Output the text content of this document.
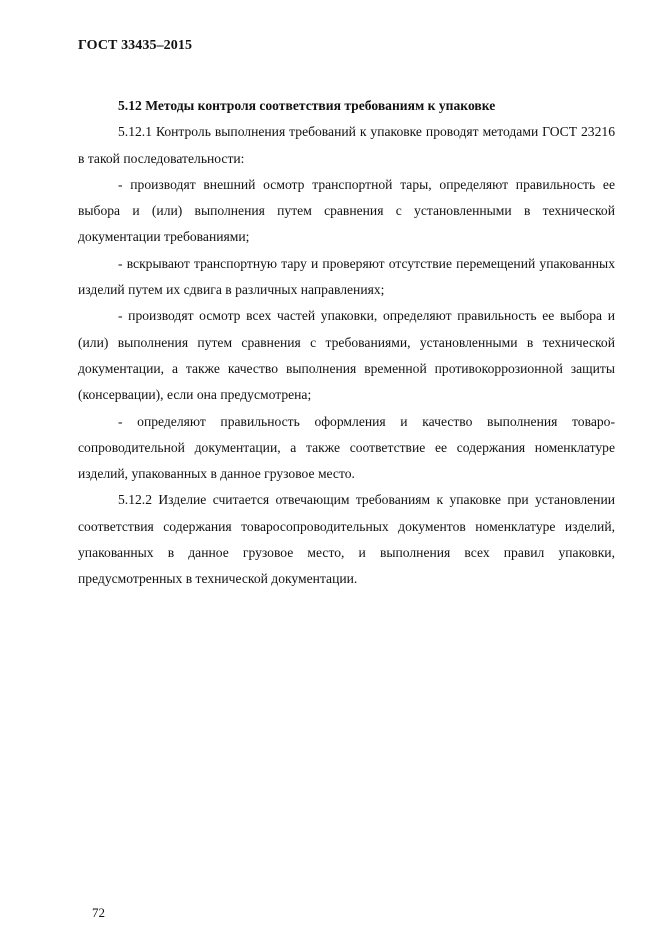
ГОСТ 33435–2015

5.12 Методы контроля соответствия требованиям к упаковке

5.12.1 Контроль выполнения требований к упаковке проводят методами ГОСТ 23216 в такой последовательности:

- производят внешний осмотр транспортной тары, определяют правильность ее выбора и (или) выполнения путем сравнения с установленными в технической документации требованиями;

- вскрывают транспортную тару и проверяют отсутствие перемещений упакованных изделий путем их сдвига в различных направлениях;

- производят осмотр всех частей упаковки, определяют правильность ее выбора и (или) выполнения путем сравнения с требованиями, установленными в технической документации, а также качество выполнения временной противокоррозионной защиты (консервации), если она предусмотрена;

- определяют правильность оформления и качество выполнения товаросопроводительной документации, а также соответствие ее содержания номенклатуре изделий, упакованных в данное грузовое место.

5.12.2 Изделие считается отвечающим требованиям к упаковке при установлении соответствия содержания товаросопроводительных документов номенклатуре изделий, упакованных в данное грузовое место, и выполнения всех правил упаковки, предусмотренных в технической документации.

72
